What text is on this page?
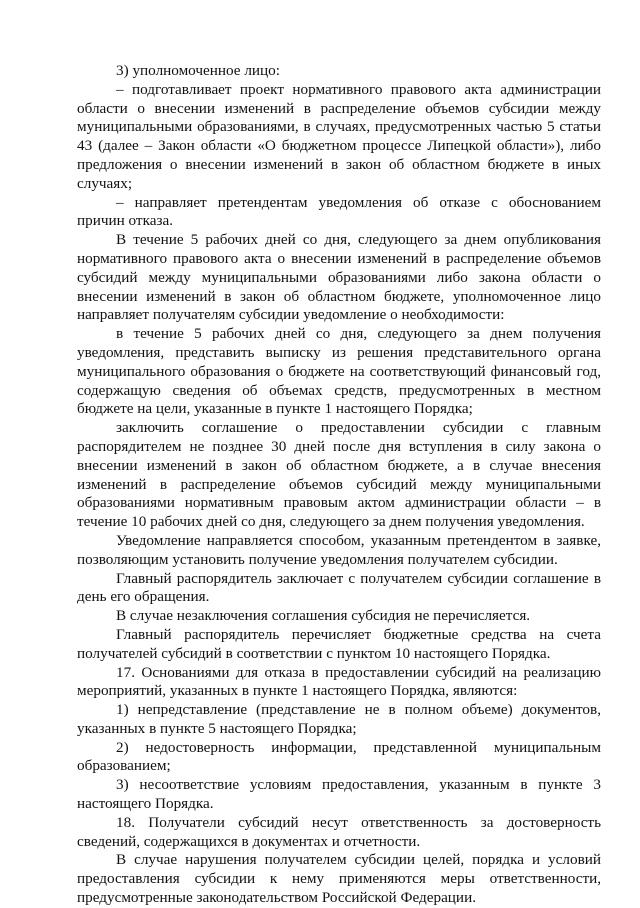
3) уполномоченное лицо:

– подготавливает проект нормативного правового акта администрации области о внесении изменений в распределение объемов субсидии между муниципальными образованиями, в случаях, предусмотренных частью 5 статьи 43 (далее – Закон области «О бюджетном процессе Липецкой области»), либо предложения о внесении изменений в закон об областном бюджете в иных случаях;

– направляет претендентам уведомления об отказе с обоснованием причин отказа.

В течение 5 рабочих дней со дня, следующего за днем опубликования нормативного правового акта о внесении изменений в распределение объемов субсидий между муниципальными образованиями либо закона области о внесении изменений в закон об областном бюджете, уполномоченное лицо направляет получателям субсидии уведомление о необходимости:

в течение 5 рабочих дней со дня, следующего за днем получения уведомления, представить выписку из решения представительного органа муниципального образования о бюджете на соответствующий финансовый год, содержащую сведения об объемах средств, предусмотренных в местном бюджете на цели, указанные в пункте 1 настоящего Порядка;

заключить соглашение о предоставлении субсидии с главным распорядителем не позднее 30 дней после дня вступления в силу закона о внесении изменений в закон об областном бюджете, а в случае внесения изменений в распределение объемов субсидий между муниципальными образованиями нормативным правовым актом администрации области – в течение 10 рабочих дней со дня, следующего за днем получения уведомления.

Уведомление направляется способом, указанным претендентом в заявке, позволяющим установить получение уведомления получателем субсидии.

Главный распорядитель заключает с получателем субсидии соглашение в день его обращения.

В случае незаключения соглашения субсидия не перечисляется.

Главный распорядитель перечисляет бюджетные средства на счета получателей субсидий в соответствии с пунктом 10 настоящего Порядка.

17. Основаниями для отказа в предоставлении субсидий на реализацию мероприятий, указанных в пункте 1 настоящего Порядка, являются:

1) непредставление (представление не в полном объеме) документов, указанных в пункте 5 настоящего Порядка;

2) недостоверность информации, представленной муниципальным образованием;

3) несоответствие условиям предоставления, указанным в пункте 3 настоящего Порядка.

18. Получатели субсидий несут ответственность за достоверность сведений, содержащихся в документах и отчетности.

В случае нарушения получателем субсидии целей, порядка и условий предоставления субсидии к нему применяются меры ответственности, предусмотренные законодательством Российской Федерации.
